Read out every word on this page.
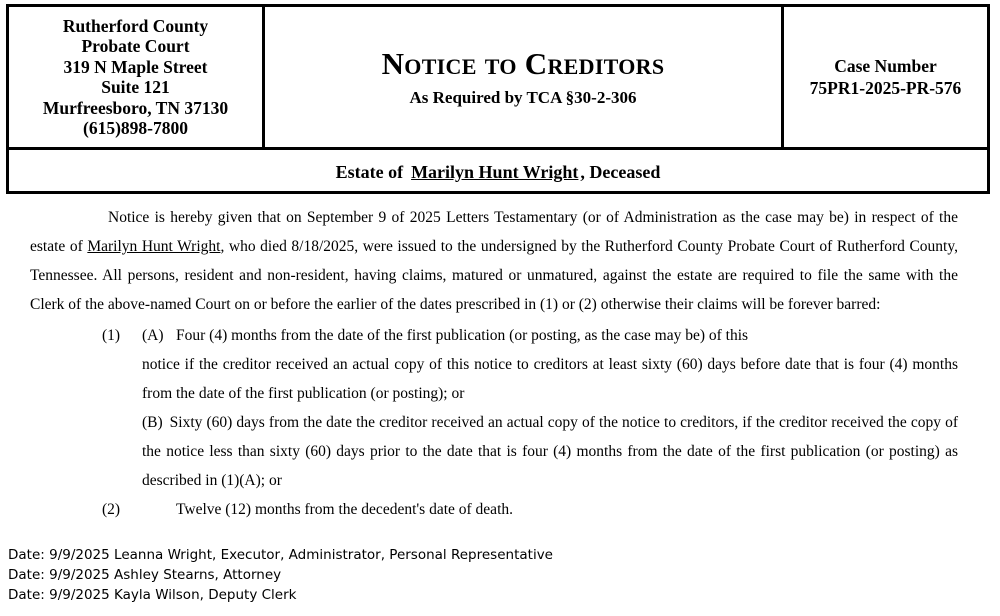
Rutherford County
Probate Court
319 N Maple Street
Suite 121
Murfreesboro, TN 37130
(615)898-7800
Notice to Creditors
As Required by TCA §30-2-306
Case Number
75PR1-2025-PR-576
Estate of Marilyn Hunt Wright , Deceased

Notice is hereby given that on September 9 of 2025 Letters Testamentary (or of Administration as the case may be) in respect of the estate of Marilyn Hunt Wright, who died 8/18/2025, were issued to the undersigned by the Rutherford County Probate Court of Rutherford County, Tennessee. All persons, resident and non-resident, having claims, matured or unmatured, against the estate are required to file the same with the Clerk of the above-named Court on or before the earlier of the dates prescribed in (1) or (2) otherwise their claims will be forever barred:

(1)	(A) Four (4) months from the date of the first publication (or posting, as the case may be) of this
notice if the creditor received an actual copy of this notice to creditors at least sixty (60) days before date that is four (4) months from the date of the first publication (or posting); or
(B) Sixty (60) days from the date the creditor received an actual copy of the notice to creditors, if the creditor received the copy of the notice less than sixty (60) days prior to the date that is four (4) months from the date of the first publication (or posting) as described in (1)(A); or
(2)	Twelve (12) months from the decedent's date of death.
Date: 9/9/2025 Leanna Wright, Executor, Administrator, Personal Representative
Date: 9/9/2025 Ashley Stearns, Attorney
Date: 9/9/2025 Kayla Wilson, Deputy Clerk
